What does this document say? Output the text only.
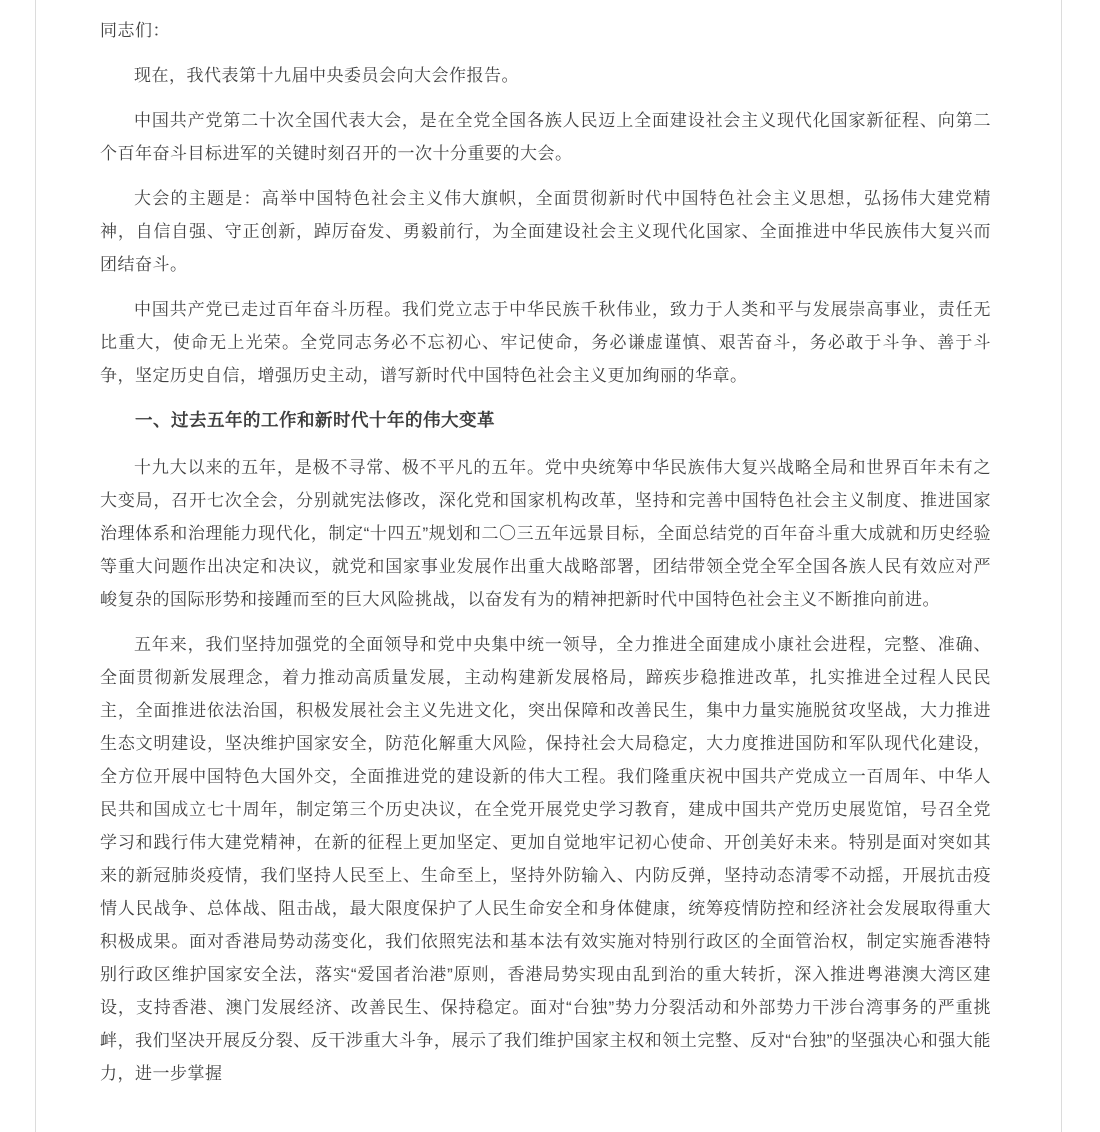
同志们：

现在，我代表第十九届中央委员会向大会作报告。

中国共产党第二十次全国代表大会，是在全党全国各族人民迈上全面建设社会主义现代化国家新征程、向第二个百年奋斗目标进军的关键时刻召开的一次十分重要的大会。

大会的主题是：高举中国特色社会主义伟大旗帜，全面贯彻新时代中国特色社会主义思想，弘扬伟大建党精神，自信自强、守正创新，踔厉奋发、勇毅前行，为全面建设社会主义现代化国家、全面推进中华民族伟大复兴而团结奋斗。

中国共产党已走过百年奋斗历程。我们党立志于中华民族千秋伟业，致力于人类和平与发展崇高事业，责任无比重大，使命无上光荣。全党同志务必不忘初心、牢记使命，务必谦虚谨慎、艰苦奋斗，务必敢于斗争、善于斗争，坚定历史自信，增强历史主动，谱写新时代中国特色社会主义更加绚丽的华章。

一、过去五年的工作和新时代十年的伟大变革

十九大以来的五年，是极不寻常、极不平凡的五年。党中央统筹中华民族伟大复兴战略全局和世界百年未有之大变局，召开七次全会，分别就宪法修改，深化党和国家机构改革，坚持和完善中国特色社会主义制度、推进国家治理体系和治理能力现代化，制定“十四五”规划和二〇三五年远景目标，全面总结党的百年奋斗重大成就和历史经验等重大问题作出决定和决议，就党和国家事业发展作出重大战略部署，团结带领全党全军全国各族人民有效应对严峻复杂的国际形势和接踵而至的巨大风险挑战，以奋发有为的精神把新时代中国特色社会主义不断推向前进。

五年来，我们坚持加强党的全面领导和党中央集中统一领导，全力推进全面建成小康社会进程，完整、准确、全面贯彻新发展理念，着力推动高质量发展，主动构建新发展格局，蹄疾步稳推进改革，扎实推进全过程人民民主，全面推进依法治国，积极发展社会主义先进文化，突出保障和改善民生，集中力量实施脱贫攻坚战，大力推进生态文明建设，坚决维护国家安全，防范化解重大风险，保持社会大局稳定，大力度推进国防和军队现代化建设，全方位开展中国特色大国外交，全面推进党的建设新的伟大工程。我们隆重庆祝中国共产党成立一百周年、中华人民共和国成立七十周年，制定第三个历史决议，在全党开展党史学习教育，建成中国共产党历史展览馆，号召全党学习和践行伟大建党精神，在新的征程上更加坚定、更加自觉地牢记初心使命、开创美好未来。特别是面对突如其来的新冠肺炎疫情，我们坚持人民至上、生命至上，坚持外防输入、内防反弹，坚持动态清零不动摇，开展抗击疫情人民战争、总体战、阻击战，最大限度保护了人民生命安全和身体健康，统筹疫情防控和经济社会发展取得重大积极成果。面对香港局势动荡变化，我们依照宪法和基本法有效实施对特别行政区的全面管治权，制定实施香港特别行政区维护国家安全法，落实“爱国者治港”原则，香港局势实现由乱到治的重大转折，深入推进粤港澳大湾区建设，支持香港、澳门发展经济、改善民生、保持稳定。面对“台独”势力分裂活动和外部势力干涉台湾事务的严重挑衅，我们坚决开展反分裂、反干涉重大斗争，展示了我们维护国家主权和领土完整、反对“台独”的坚强决心和强大能力，进一步掌握
